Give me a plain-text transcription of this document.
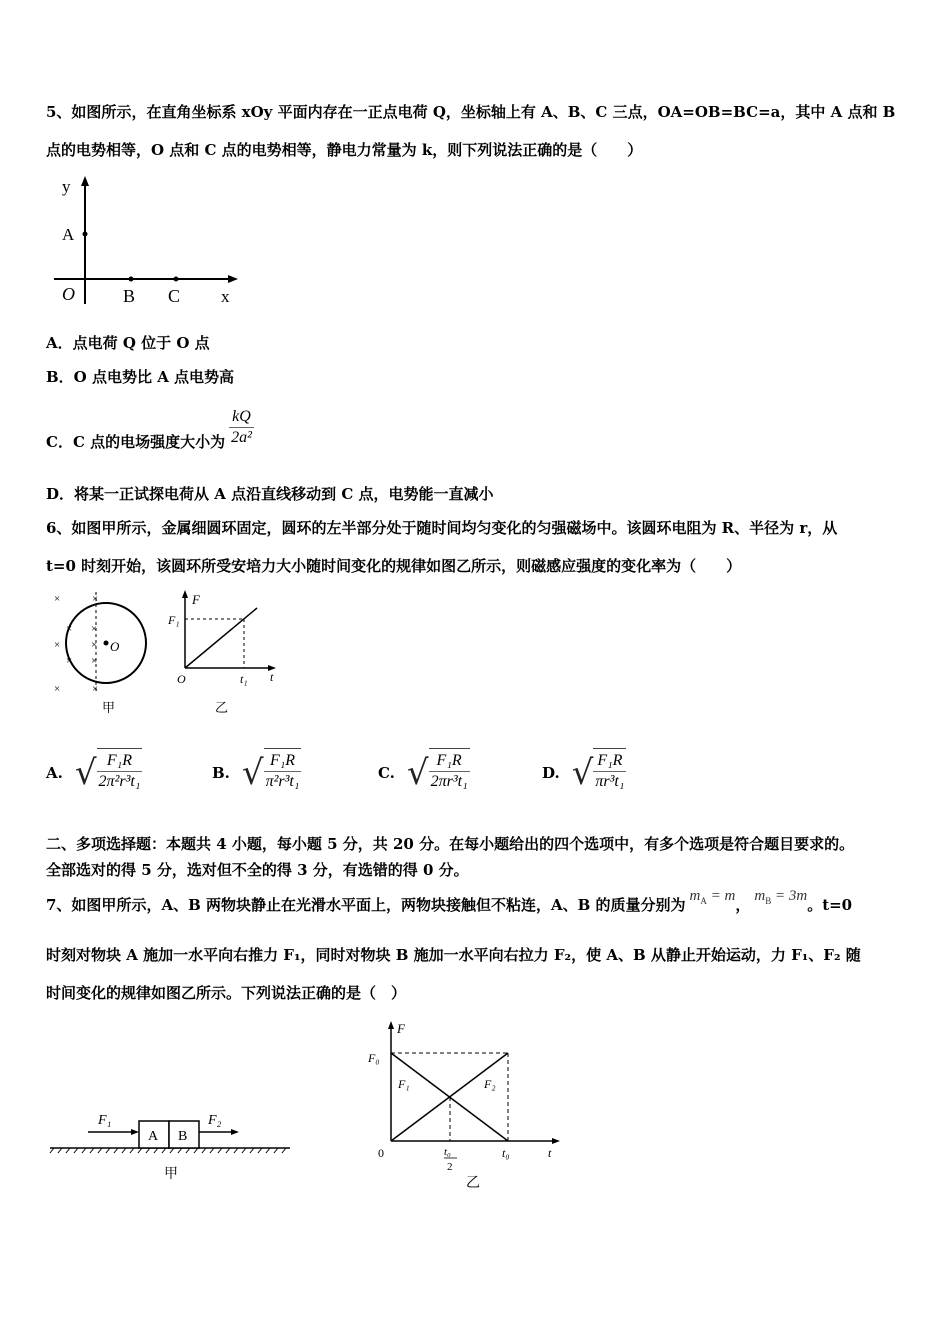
5、如图所示，在直角坐标系 xOy 平面内存在一正点电荷 Q，坐标轴上有 A、B、C 三点，OA=OB=BC=a，其中 A 点和 B
点的电势相等，O 点和 C 点的电势相等，静电力常量为 k，则下列说法正确的是（　　）
y
A
O	B C x
A．点电荷 Q 位于 O 点
B．O 点电势比 A 点电势高
C．C 点的电场强度大小为 $\frac{kQ}{\text{2a²}}$
D．将某一正试探电荷从 A 点沿直线移动到 C 点，电势能一直减小
6、如图甲所示，金属细圆环固定，圆环的左半部分处于随时间均匀变化的匀强磁场中。该圆环电阻为 R、半径为 r，从
t=0 时刻开始，该圆环所受安培力大小随时间变化的规律如图乙所示，则磁感应强度的变化率为（　　）
O
×	×
× ×
×	×
× ×
×	×
甲
F
F₁
O	t₁ t
乙
A. √ $\frac{\text{F₁R}}{\text{2π²r³t₁}}$	B. √ $\frac{\text{F₁R}}{\text{π²r³t₁}}$	C. √ $\frac{\text{F₁R}}{\text{2πr³t₁}}$	D. √ $\frac{\text{F₁R}}{\text{πr³t₁}}$
二、多项选择题：本题共 4 小题，每小题 5 分，共 20 分。在每小题给出的四个选项中，有多个选项是符合题目要求的。
全部选对的得 5 分，选对但不全的得 3 分，有选错的得 0 分。
7、如图甲所示，A、B 两物块静止在光滑水平面上，两物块接触但不粘连，A、B 的质量分别为
$m_A = m$
，
$m_B = 3m$
。t=0
时刻对物块 A 施加一水平向右推力 F₁，同时对物块 B 施加一水平向右拉力 F₂，使 A、B 从静止开始运动，力 F₁、F₂ 随
时间变化的规律如图乙所示。下列说法正确的是（　）
F₁	F₂
A B
甲
F
F₀
F₁	F₂
0	t₀
2
t₀	t
乙
